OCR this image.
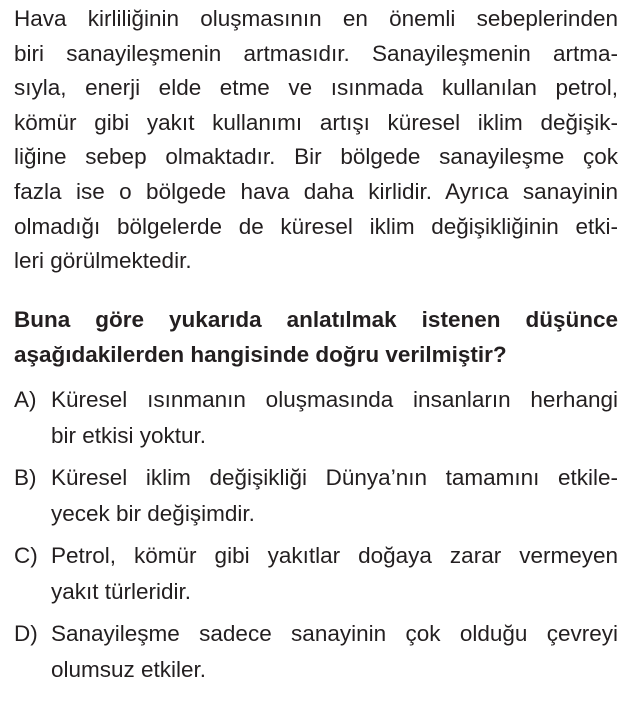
Hava kirliliğinin oluşmasının en önemli sebeplerinden
biri sanayileşmenin artmasıdır. Sanayileşmenin artma-
sıyla, enerji elde etme ve ısınmada kullanılan petrol,
kömür gibi yakıt kullanımı artışı küresel iklim değişik-
liğine sebep olmaktadır. Bir bölgede sanayileşme çok
fazla ise o bölgede hava daha kirlidir. Ayrıca sanayinin
olmadığı bölgelerde de küresel iklim değişikliğinin etki-
leri görülmektedir.
Buna göre yukarıda anlatılmak istenen düşünce
aşağıdakilerden hangisinde doğru verilmiştir?
A) Küresel ısınmanın oluşmasında insanların herhangi
bir etkisi yoktur.
B) Küresel iklim değişikliği Dünya’nın tamamını etkile-
yecek bir değişimdir.
C) Petrol, kömür gibi yakıtlar doğaya zarar vermeyen
yakıt türleridir.
D) Sanayileşme sadece sanayinin çok olduğu çevreyi
olumsuz etkiler.
